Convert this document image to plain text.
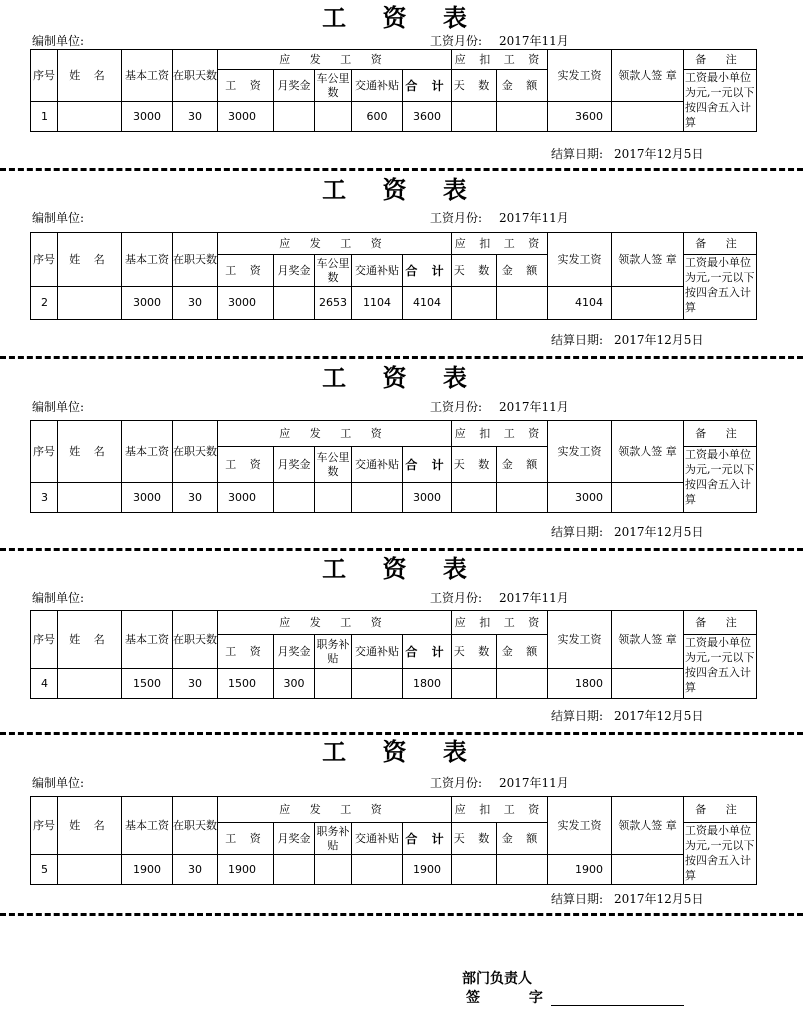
工 资 表
编制单位:	工资月份: 2017年11月
序号	姓 名	基本工资	在职天数	应 发 工 资					应 扣 工 资		实发工资	领款人签 章	备 注
				工 资	月奖金	车公里数	交通补贴	合 计	天 数	金 额			工资最小单位为元,一元以下按四舍五入计算
1		3000	30	3000			600	3600			3600		
结算日期: 2017年12月5日
工 资 表
编制单位:	工资月份: 2017年11月
序号	姓 名	基本工资	在职天数	应 发 工 资					应 扣 工 资		实发工资	领款人签 章	备 注
				工 资	月奖金	车公里数	交通补贴	合 计	天 数	金 额			工资最小单位为元,一元以下按四舍五入计算
2		3000	30	3000		2653	1104	4104			4104		
结算日期: 2017年12月5日
工 资 表
编制单位:	工资月份: 2017年11月
序号	姓 名	基本工资	在职天数	应 发 工 资					应 扣 工 资		实发工资	领款人签 章	备 注
				工 资	月奖金	车公里数	交通补贴	合 计	天 数	金 额			工资最小单位为元,一元以下按四舍五入计算
3		3000	30	3000				3000			3000		
结算日期: 2017年12月5日
工 资 表
编制单位:	工资月份: 2017年11月
序号	姓 名	基本工资	在职天数	应 发 工 资					应 扣 工 资		实发工资	领款人签 章	备 注
				工 资	月奖金	职务补贴	交通补贴	合 计	天 数	金 额			工资最小单位为元,一元以下按四舍五入计算
4		1500	30	1500	300			1800			1800		
结算日期: 2017年12月5日
工 资 表
编制单位:	工资月份: 2017年11月
序号	姓 名	基本工资	在职天数	应 发 工 资					应 扣 工 资		实发工资	领款人签 章	备 注
				工 资	月奖金	职务补贴	交通补贴	合 计	天 数	金 额			工资最小单位为元,一元以下按四舍五入计算
5		1900	30	1900				1900			1900		
结算日期: 2017年12月5日
部门负责人
签 字
